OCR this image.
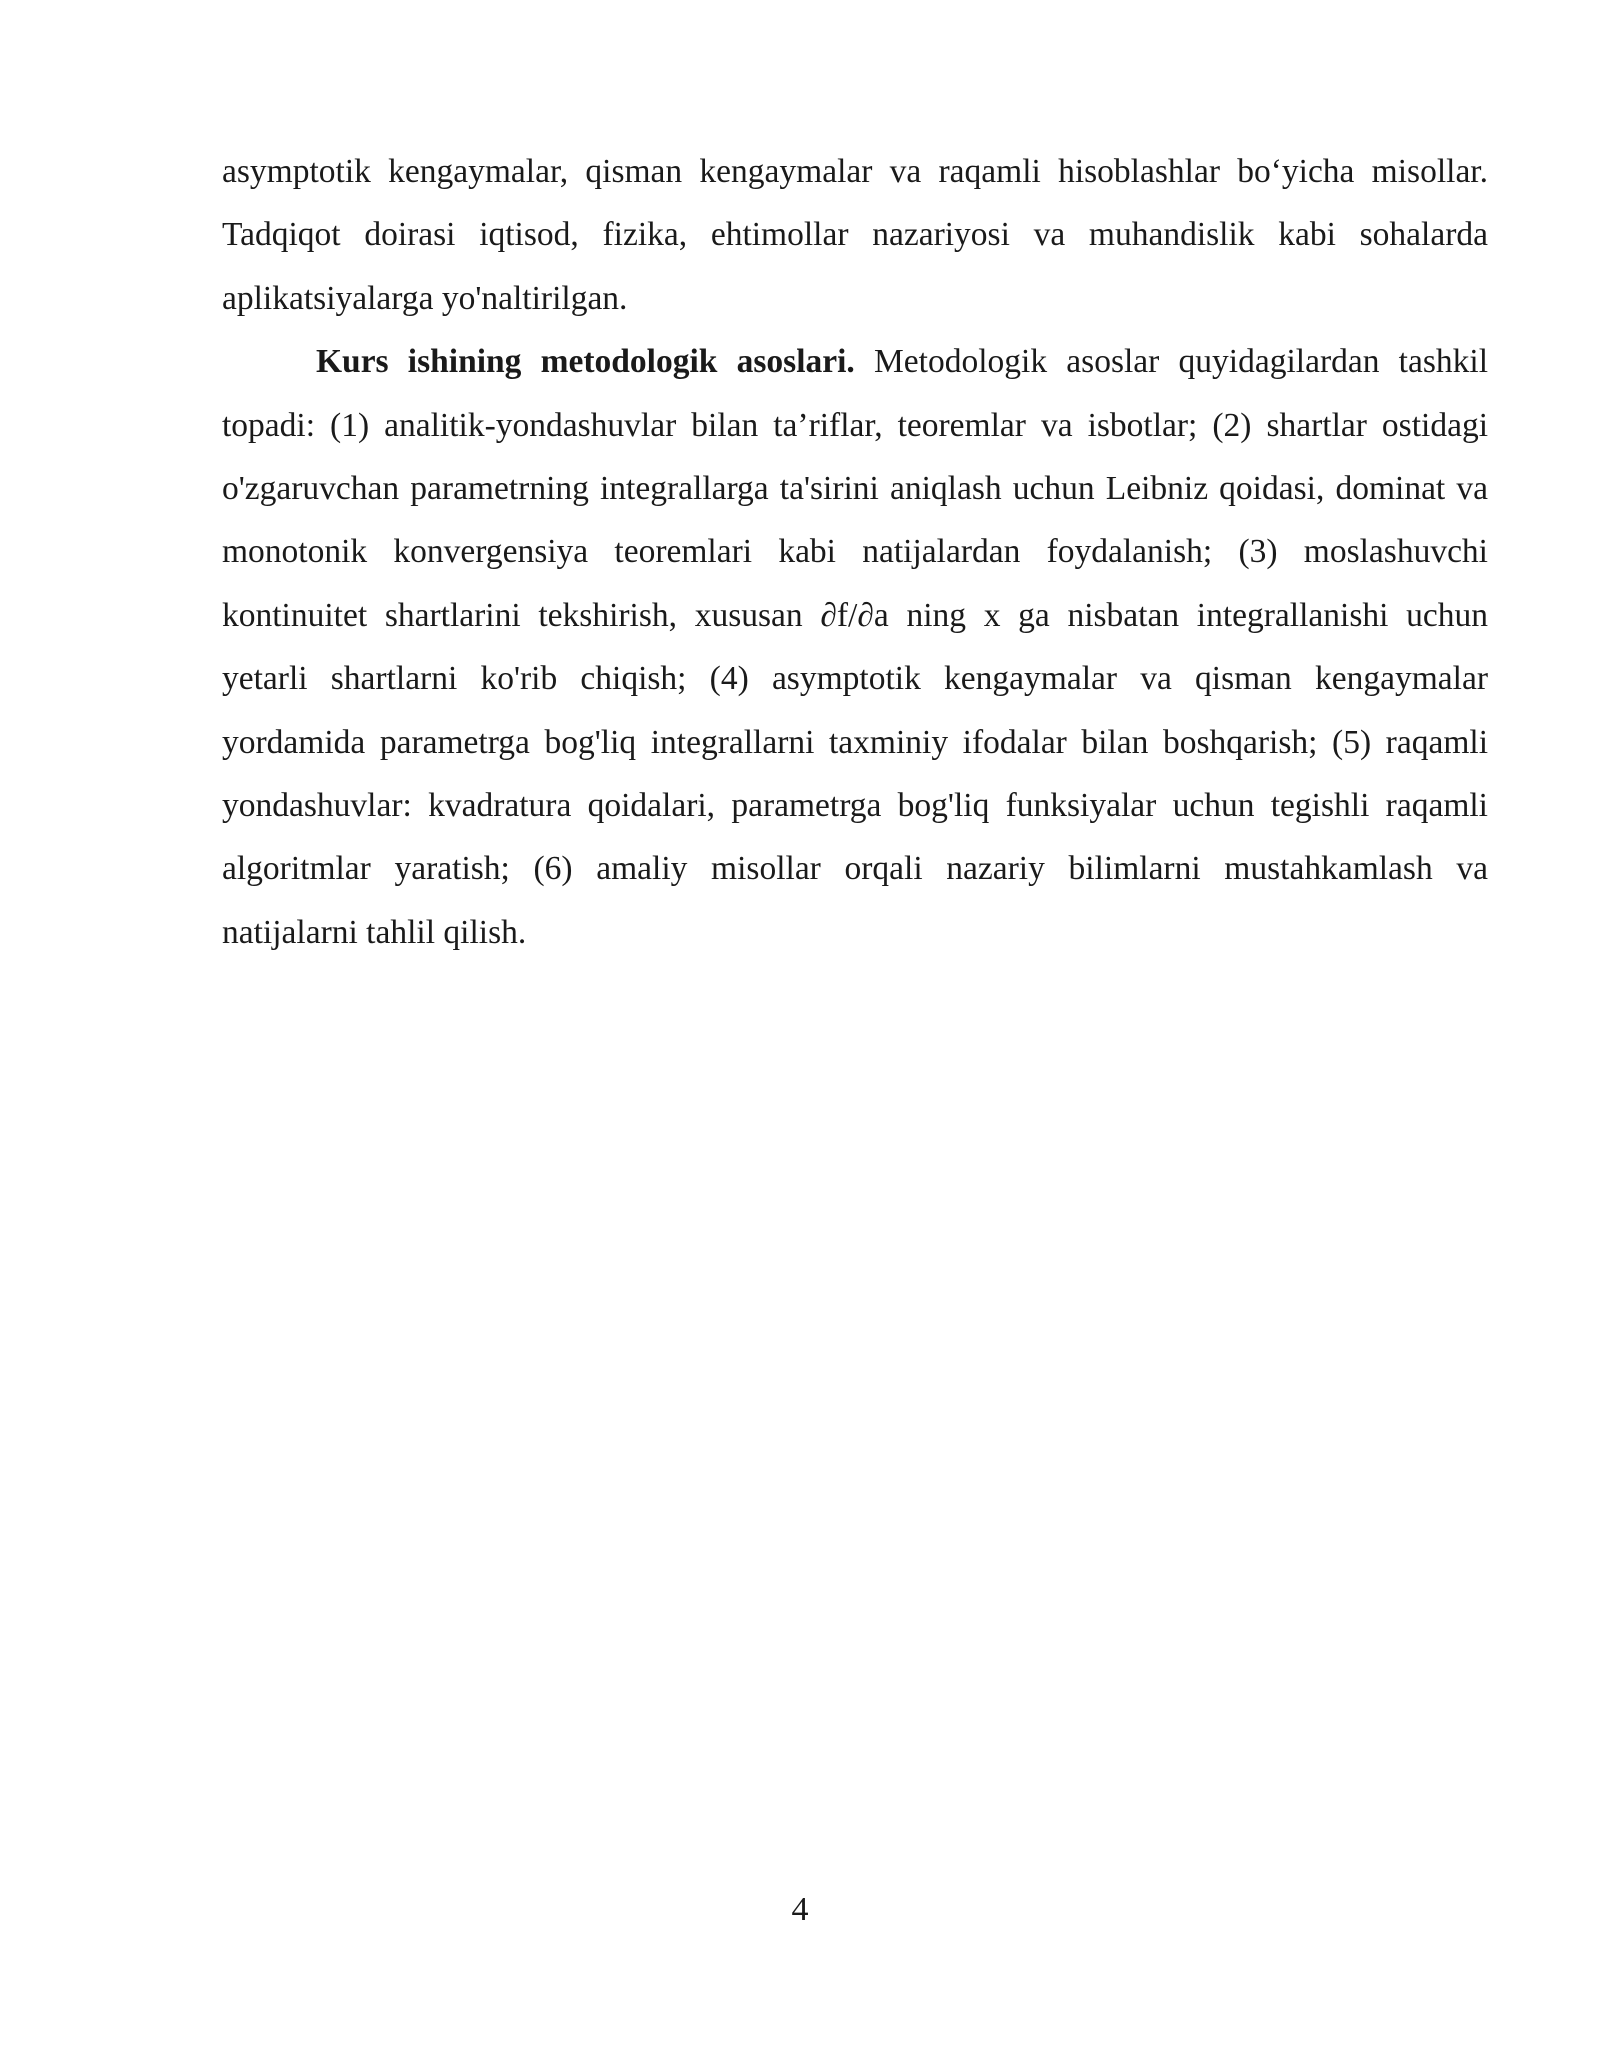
asymptotik kengaymalar, qisman kengaymalar va raqamli hisoblashlar bo‘yicha misollar. Tadqiqot doirasi iqtisod, fizika, ehtimollar nazariyosi va muhandislik kabi sohalarda aplikatsiyalarga yo'naltirilgan.

Kurs ishining metodologik asoslari. Metodologik asoslar quyidagilardan tashkil topadi: (1) analitik-yondashuvlar bilan ta’riflar, teoremlar va isbotlar; (2) shartlar ostidagi o'zgaruvchan parametrning integrallarga ta'sirini aniqlash uchun Leibniz qoidasi, dominat va monotonik konvergensiya teoremlari kabi natijalardan foydalanish; (3) moslashuvchi kontinuitet shartlarini tekshirish, xususan ∂f/∂a ning x ga nisbatan integrallanishi uchun yetarli shartlarni ko'rib chiqish; (4) asymptotik kengaymalar va qisman kengaymalar yordamida parametrga bog'liq integrallarni taxminiy ifodalar bilan boshqarish; (5) raqamli yondashuvlar: kvadratura qoidalari, parametrga bog'liq funksiyalar uchun tegishli raqamli algoritmlar yaratish; (6) amaliy misollar orqali nazariy bilimlarni mustahkamlash va natijalarni tahlil qilish.

4
